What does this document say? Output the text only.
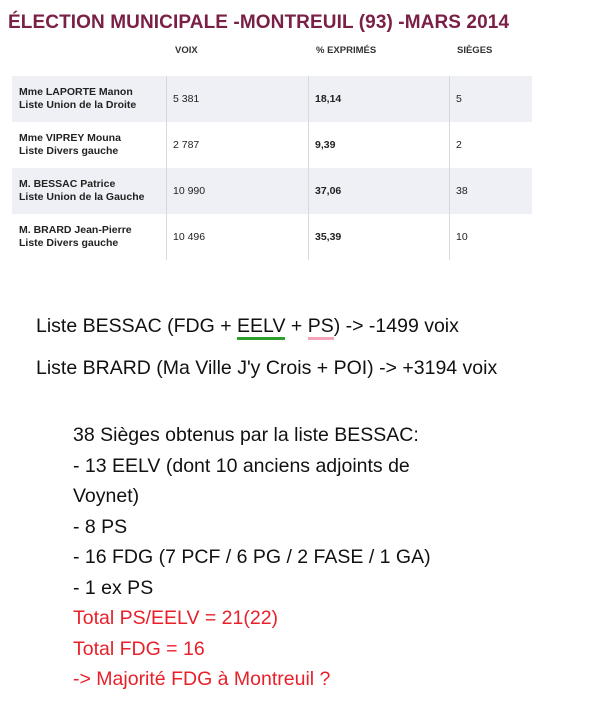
ÉLECTION MUNICIPALE -MONTREUIL (93) -MARS 2014
VOIX	% EXPRIMÉS	SIÈGES
Mme LAPORTE Manon
Liste Union de la Droite	5 381	18,14	5
Mme VIPREY Mouna
Liste Divers gauche	2 787	9,39	2
M. BESSAC Patrice
Liste Union de la Gauche	10 990	37,06	38
M. BRARD Jean-Pierre
Liste Divers gauche	10 496	35,39	10
Liste BESSAC (FDG + EELV + PS) -> -1499 voix
Liste BRARD (Ma Ville J'y Crois + POI) -> +3194 voix
38 Sièges obtenus par la liste BESSAC:
- 13 EELV (dont 10 anciens adjoints de
Voynet)
- 8 PS
- 16 FDG (7 PCF / 6 PG / 2 FASE / 1 GA)
- 1 ex PS
Total PS/EELV = 21(22)
Total FDG = 16
-> Majorité FDG à Montreuil ?
